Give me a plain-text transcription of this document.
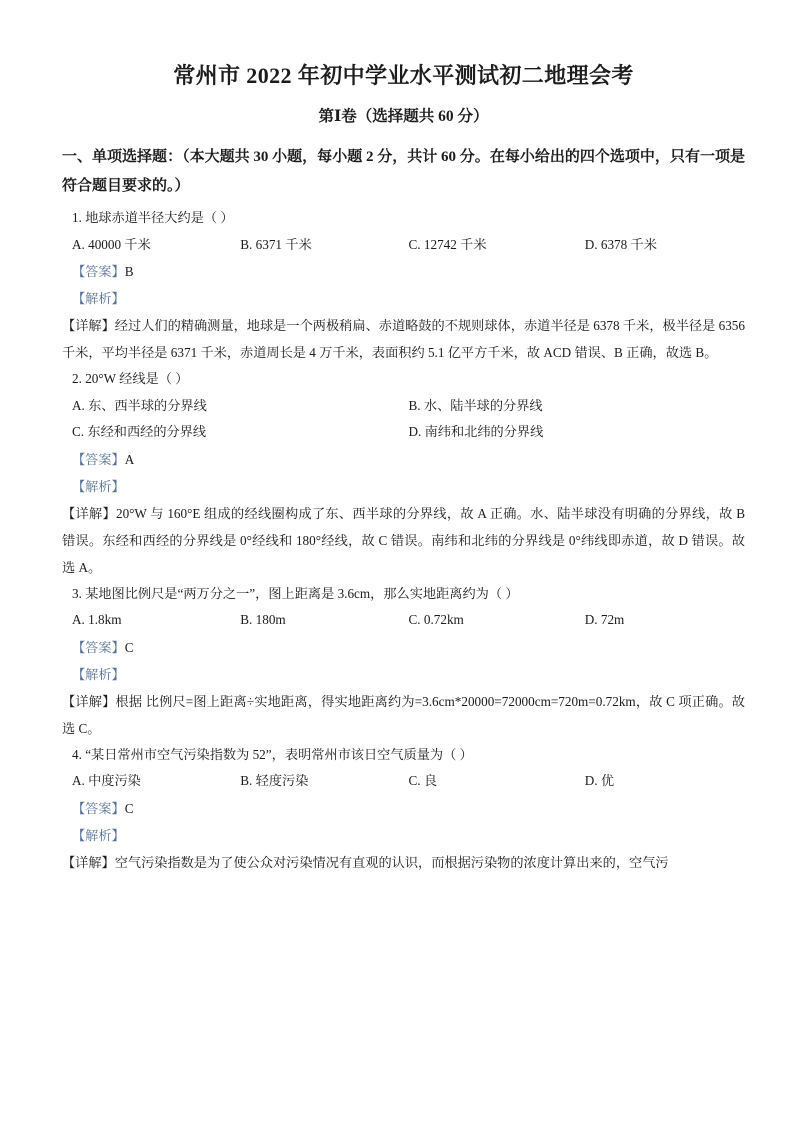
常州市 2022 年初中学业水平测试初二地理会考
第Ⅰ卷（选择题共 60 分）
一、单项选择题：（本大题共 30 小题，每小题 2 分，共计 60 分。在每小给出的四个选项中，只有一项是符合题目要求的。）
1. 地球赤道半径大约是（ ）
A. 40000 千米	B. 6371 千米	C. 12742 千米	D. 6378 千米
【答案】B
【解析】
【详解】经过人们的精确测量，地球是一个两极稍扁、赤道略鼓的不规则球体，赤道半径是 6378 千米，极半径是 6356 千米，平均半径是 6371 千米，赤道周长是 4 万千米，表面积约 5.1 亿平方千米，故 ACD 错误、B 正确，故选 B。
2. 20°W 经线是（ ）
A. 东、西半球的分界线	B. 水、陆半球的分界线
C. 东经和西经的分界线	D. 南纬和北纬的分界线
【答案】A
【解析】
【详解】20°W 与 160°E 组成的经线圈构成了东、西半球的分界线，故 A 正确。水、陆半球没有明确的分界线，故 B 错误。东经和西经的分界线是 0°经线和 180°经线，故 C 错误。南纬和北纬的分界线是 0°纬线即赤道，故 D 错误。故选 A。
3. 某地图比例尺是“两万分之一”，图上距离是 3.6cm，那么实地距离约为（ ）
A. 1.8km	B. 180m	C. 0.72km	D. 72m
【答案】C
【解析】
【详解】根据 比例尺=图上距离÷实地距离，得实地距离约为=3.6cm*20000=72000cm=720m=0.72km，故 C 项正确。故选 C。
4. “某日常州市空气污染指数为 52”，表明常州市该日空气质量为（ ）
A. 中度污染	B. 轻度污染	C. 良	D. 优
【答案】C
【解析】
【详解】空气污染指数是为了使公众对污染情况有直观的认识，而根据污染物的浓度计算出来的，空气污
